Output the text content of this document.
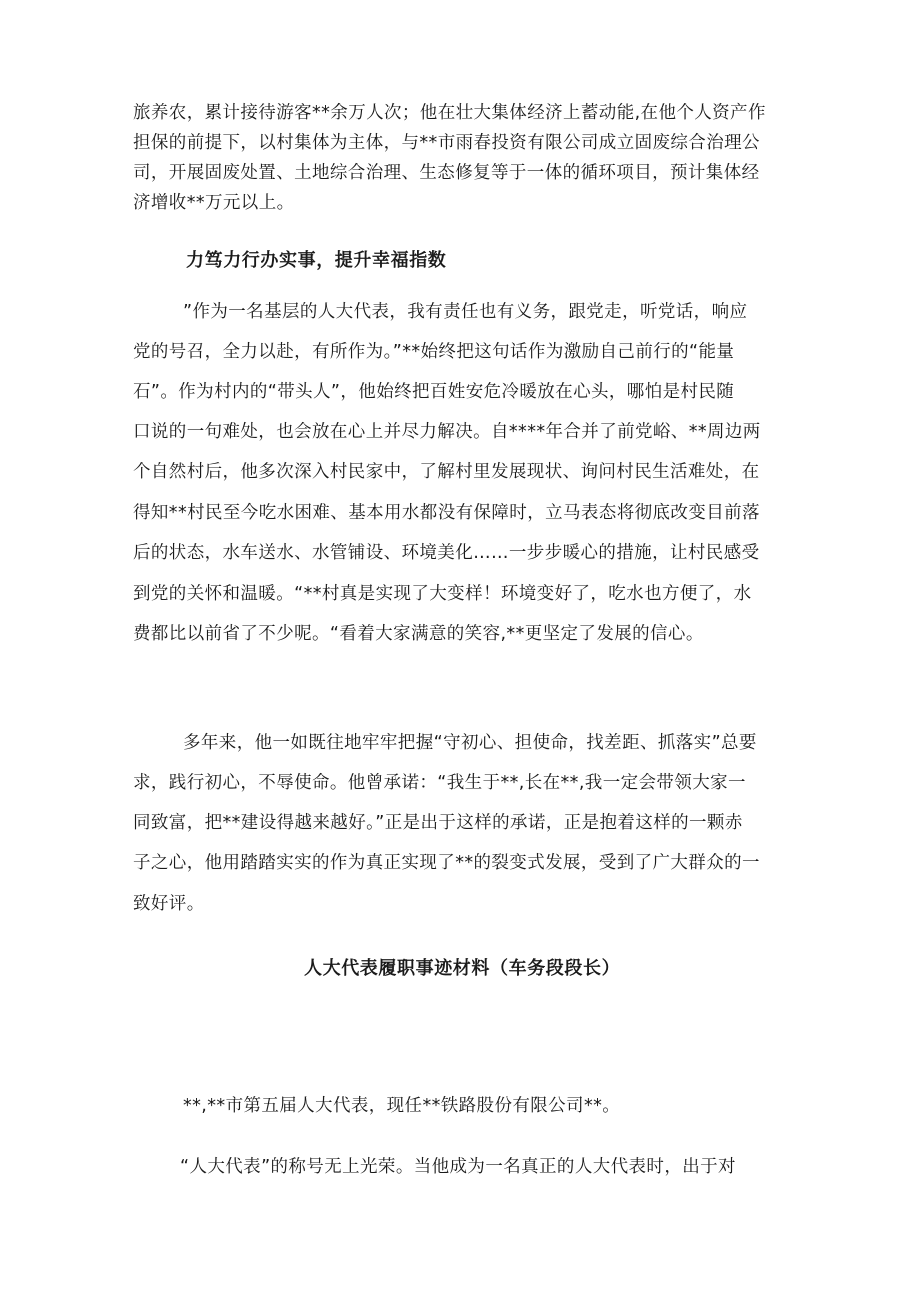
旅养农，累计接待游客**余万人次；他在壮大集体经济上蓄动能,在他个人资产作
担保的前提下，以村集体为主体，与**市雨春投资有限公司成立固废综合治理公
司，开展固废处置、土地综合治理、生态修复等于一体的循环项目，预计集体经
济增收**万元以上。
力笃力行办实事，提升幸福指数
”作为一名基层的人大代表，我有责任也有义务，跟党走，听党话，响应
党的号召，全力以赴，有所作为。”**始终把这句话作为激励自己前行的“能量
石”。作为村内的“带头人”，他始终把百姓安危冷暖放在心头，哪怕是村民随
口说的一句难处，也会放在心上并尽力解决。自****年合并了前党峪、**周边两
个自然村后，他多次深入村民家中，了解村里发展现状、询问村民生活难处，在
得知**村民至今吃水困难、基本用水都没有保障时，立马表态将彻底改变目前落
后的状态，水车送水、水管铺设、环境美化……一步步暖心的措施，让村民感受
到党的关怀和温暖。“**村真是实现了大变样！环境变好了，吃水也方便了，水
费都比以前省了不少呢。“看着大家满意的笑容,**更坚定了发展的信心。
多年来，他一如既往地牢牢把握“守初心、担使命，找差距、抓落实”总要
求，践行初心，不辱使命。他曾承诺：“我生于**,长在**,我一定会带领大家一
同致富，把**建设得越来越好。”正是出于这样的承诺，正是抱着这样的一颗赤
子之心，他用踏踏实实的作为真正实现了**的裂变式发展，受到了广大群众的一
致好评。
人大代表履职事迹材料（车务段段长）
**,**市第五届人大代表，现任**铁路股份有限公司**。
“人大代表”的称号无上光荣。当他成为一名真正的人大代表时，出于对
